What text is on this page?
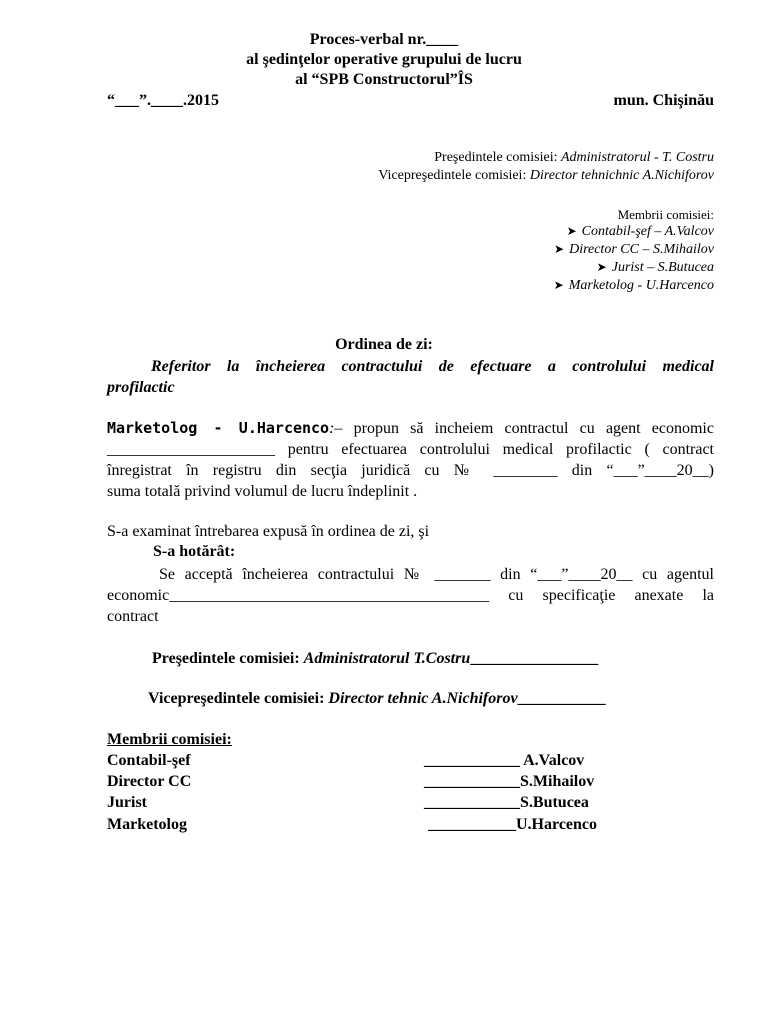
Proces-verbal nr.____
al şedinţelor operative grupului de lucru
al “SPB Constructorul”ÎS
“___”.____.2015	mun. Chişinău
Preşedintele comisiei: Administratorul - T. Costru
Vicepreşedintele comisiei: Director tehnichnic A.Nichiforov
Membrii comisiei:
➤ Contabil-şef – A.Valcov
➤ Director CC – S.Mihailov
➤ Jurist – S.Butucea
➤ Marketolog - U.Harcenco
Ordinea de zi:

Referitor la încheierea contractului de efectuare a controlului medical

profilactic

Marketolog - U.Harcenco:– propun să incheiem contractul cu agent economic

_____________________ pentru efectuarea controlului medical profilactic ( contract

înregistrat în registru din secţia juridică cu № ________ din “___”____20__)

suma totală privind volumul de lucru îndeplinit .

S-a examinat întrebarea expusă în ordinea de zi, şi
S-a hotărât:

Se acceptă încheierea contractului № _______ din “___”____20__ cu agentul

economic________________________________________ cu specificaţie anexate la

contract

Preşedintele comisiei: Administratorul T.Costru________________
Vicepreşedintele comisiei: Director tehnic A.Nichiforov___________
Membrii comisiei:
Contabil-şef	____________ A.Valcov
Director CC	____________S.Mihailov
Jurist	____________S.Butucea
Marketolog	___________U.Harcenco
